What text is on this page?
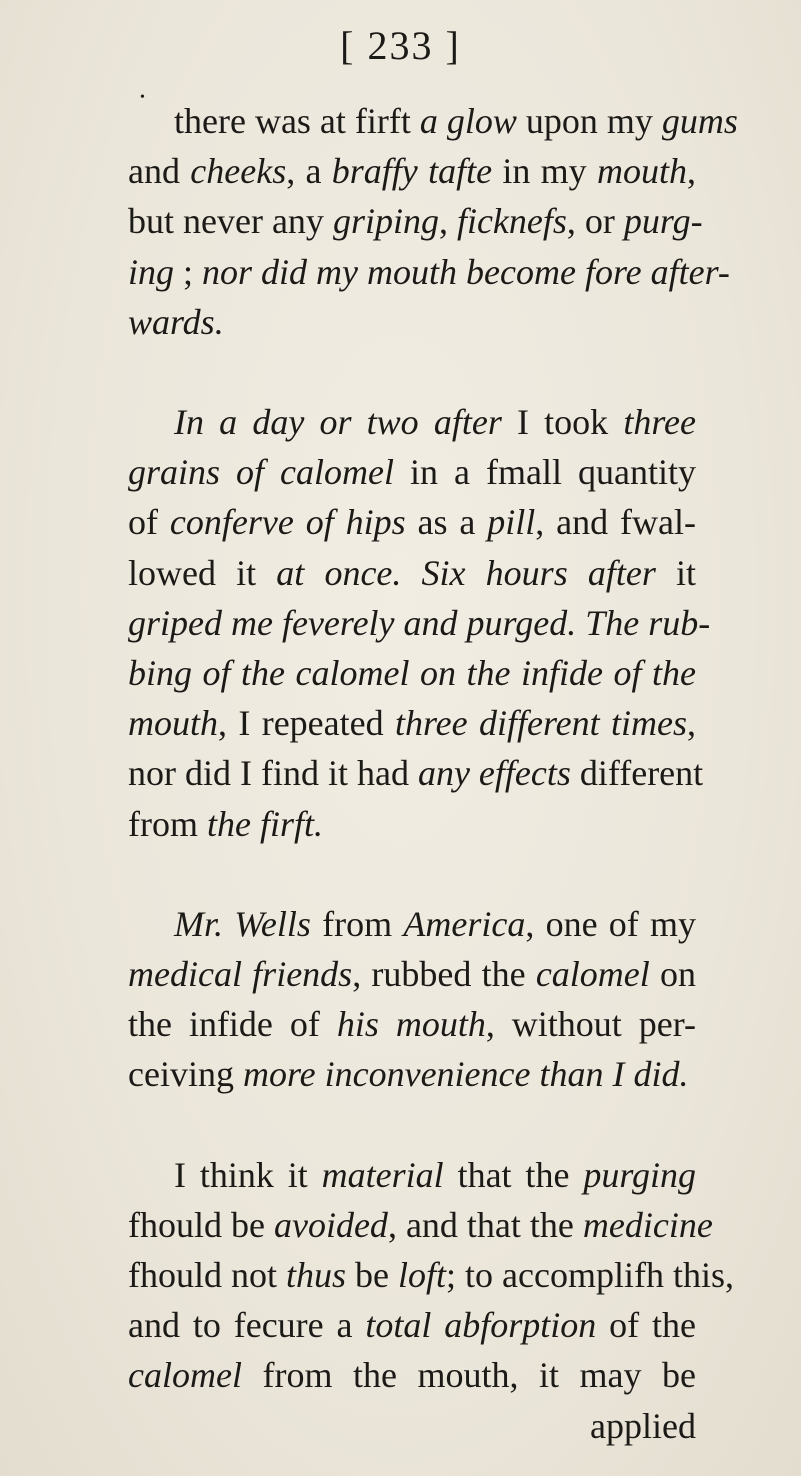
[ 233 ]
•
there was at firft a glow upon my gums
and cheeks, a braffy tafte in my mouth,
but never any griping, ficknefs, or purg-
ing ; nor did my mouth become fore after-
wards.
In a day or two after I took three
grains of calomel in a fmall quantity
of conferve of hips as a pill, and fwal-
lowed it at once. Six hours after it
griped me feverely and purged. The rub-
bing of the calomel on the infide of the
mouth, I repeated three different times,
nor did I find it had any effects different
from the firft.
Mr. Wells from America, one of my
medical friends, rubbed the calomel on
the infide of his mouth, without per-
ceiving more inconvenience than I did.
I think it material that the purging
fhould be avoided, and that the medicine
fhould not thus be loft; to accomplifh this,
and to fecure a total abforption of the
calomel from the mouth, it may be
applied
